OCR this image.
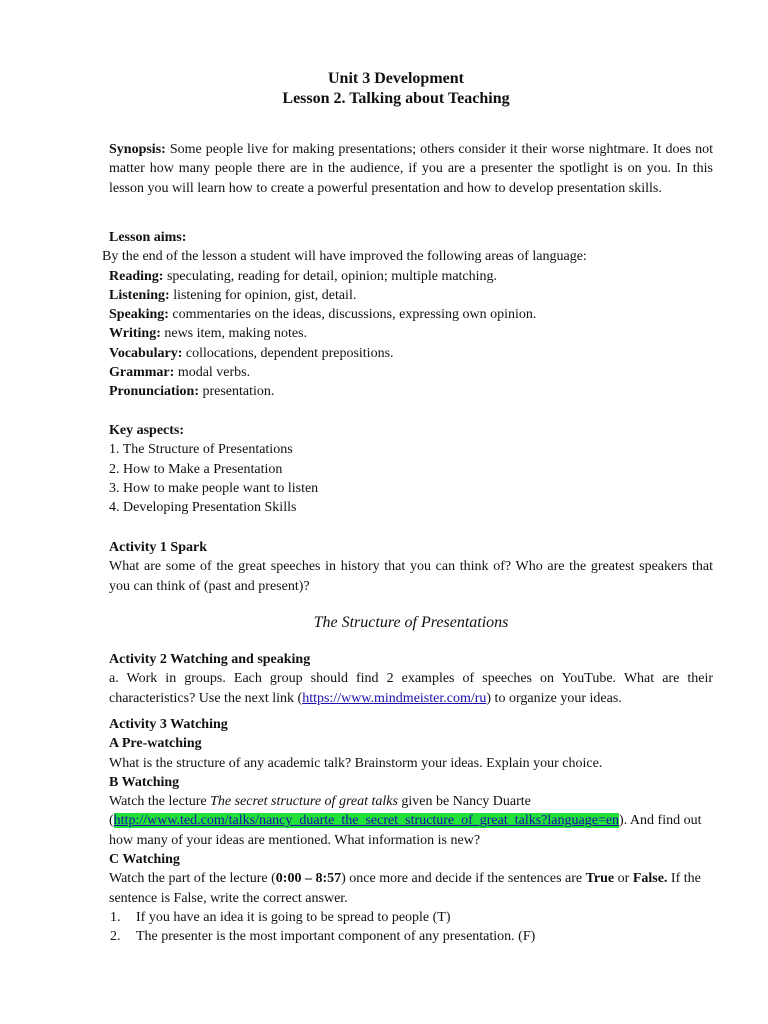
Unit 3 Development

Lesson 2. Talking about Teaching

Synopsis: Some people live for making presentations; others consider it their worse nightmare. It does not matter how many people there are in the audience, if you are a presenter the spotlight is on you. In this lesson you will learn how to create a powerful presentation and how to develop presentation skills.
Lesson aims:
By the end of the lesson a student will have improved the following areas of language:
Reading: speculating, reading for detail, opinion; multiple matching.
Listening: listening for opinion, gist, detail.
Speaking: commentaries on the ideas, discussions, expressing own opinion.
Writing: news item, making notes.
Vocabulary: collocations, dependent prepositions.
Grammar: modal verbs.
Pronunciation: presentation.
Key aspects:
1. The Structure of Presentations
2. How to Make a Presentation
3. How to make people want to listen
4. Developing Presentation Skills
Activity 1 Spark
What are some of the great speeches in history that you can think of? Who are the greatest speakers that you can think of (past and present)?
The Structure of Presentations
Activity 2 Watching and speaking
a. Work in groups. Each group should find 2 examples of speeches on YouTube. What are their characteristics? Use the next link (https://www.mindmeister.com/ru) to organize your ideas.
Activity 3 Watching
A Pre-watching
What is the structure of any academic talk? Brainstorm your ideas. Explain your choice.
B Watching
Watch the lecture The secret structure of great talks given be Nancy Duarte
(http://www.ted.com/talks/nancy_duarte_the_secret_structure_of_great_talks?language=en). And find out how many of your ideas are mentioned. What information is new?
C Watching
Watch the part of the lecture (0:00 – 8:57) once more and decide if the sentences are True or False. If the sentence is False, write the correct answer.
1. If you have an idea it is going to be spread to people (T)
2. The presenter is the most important component of any presentation. (F)
